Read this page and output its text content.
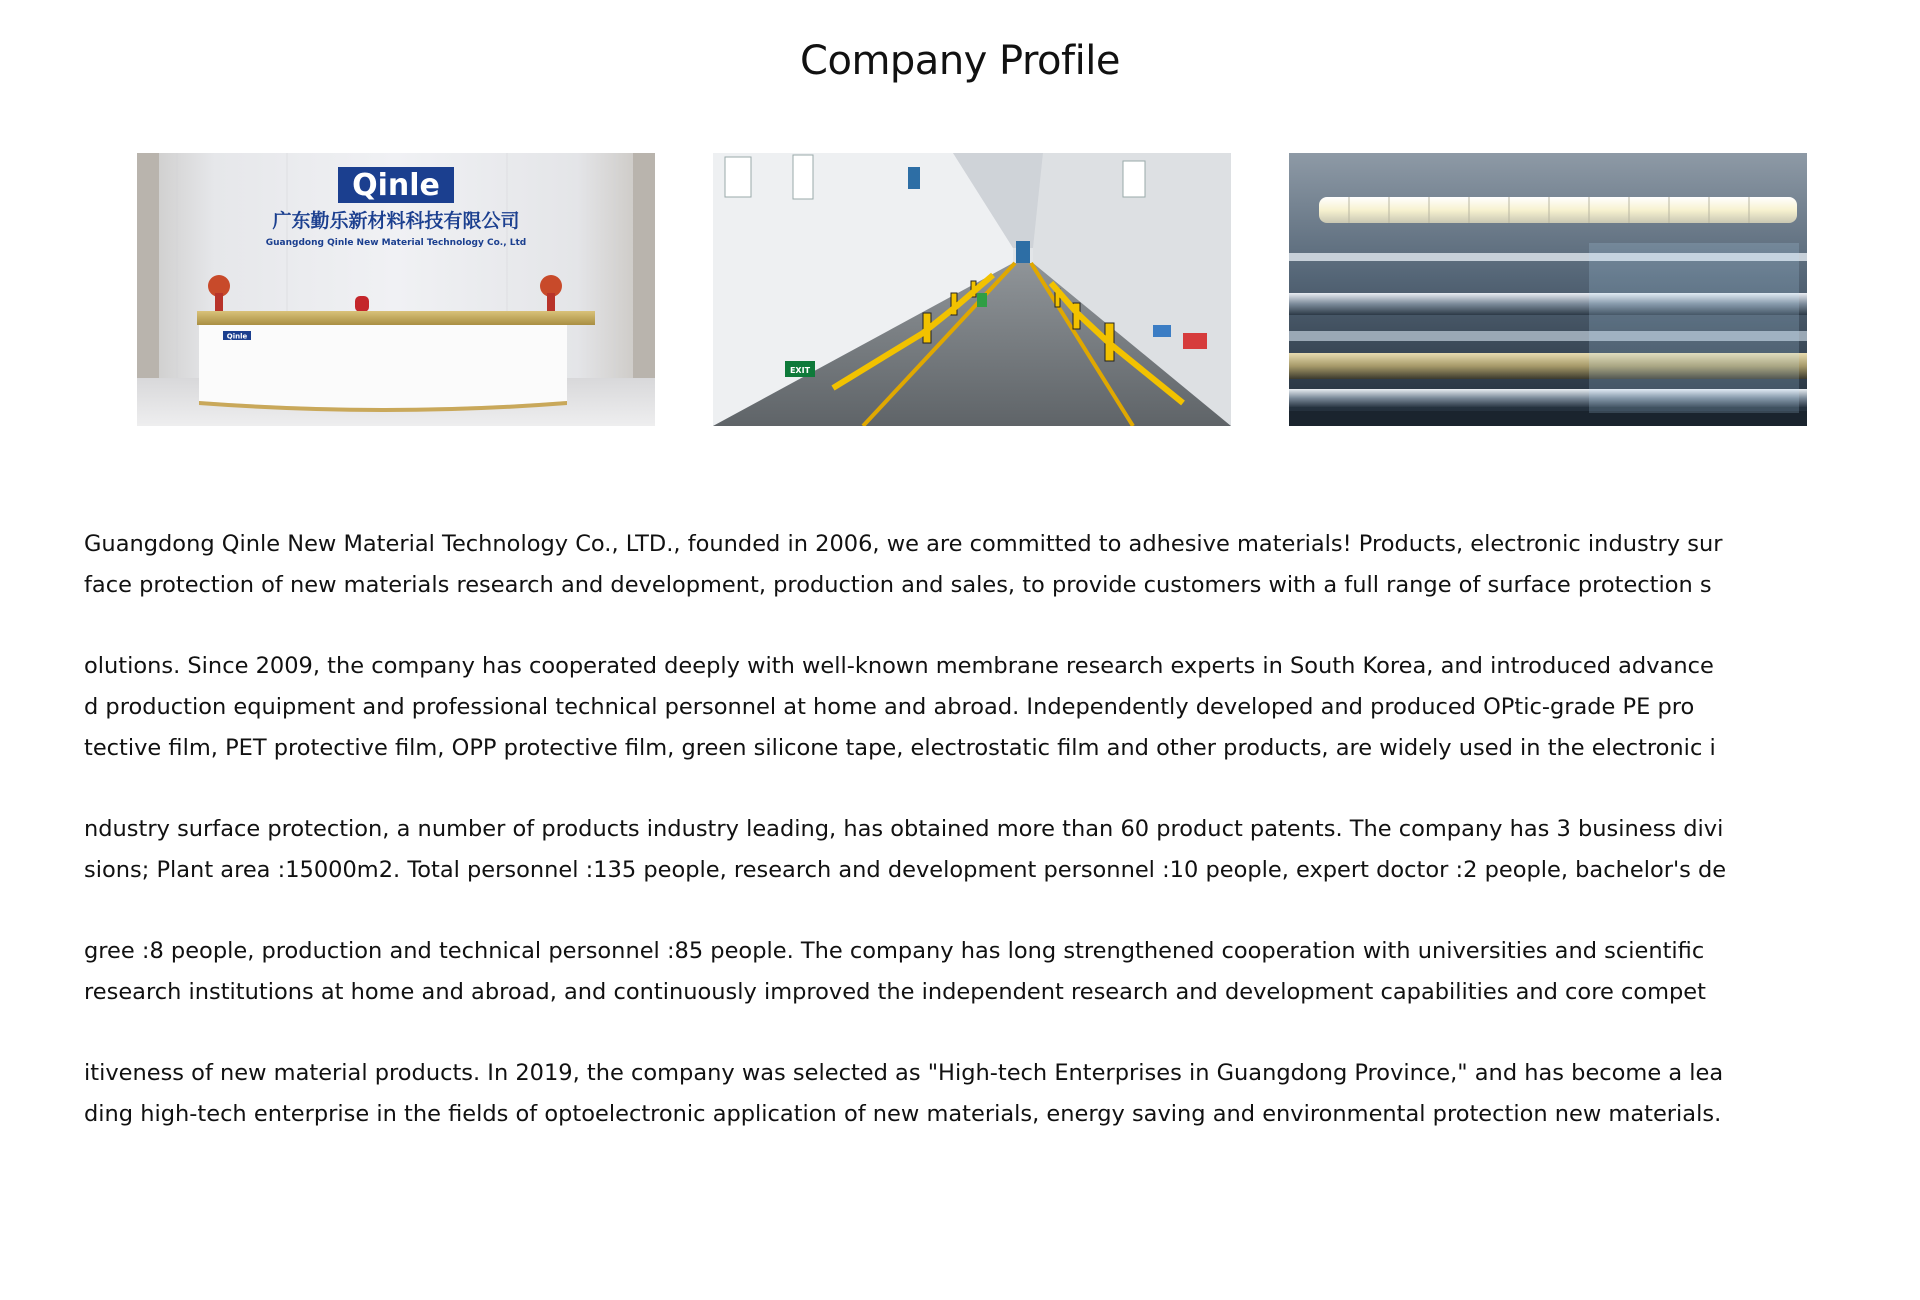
Company Profile
Qinle
广东勤乐新材料科技有限公司
Guangdong Qinle New Material Technology Co., Ltd
Qinle
EXIT
Guangdong Qinle New Material Technology Co., LTD., founded in 2006, we are committed to adhesive materials! Products, electronic industry sur
face protection of new materials research and development, production and sales, to provide customers with a full range of surface protection s
olutions. Since 2009, the company has cooperated deeply with well-known membrane research experts in South Korea, and introduced advance
d production equipment and professional technical personnel at home and abroad. Independently developed and produced OPtic-grade PE pro
tective film, PET protective film, OPP protective film, green silicone tape, electrostatic film and other products, are widely used in the electronic i
ndustry surface protection, a number of products industry leading, has obtained more than 60 product patents. The company has 3 business divi
sions; Plant area :15000m2. Total personnel :135 people, research and development personnel :10 people, expert doctor :2 people, bachelor's de
gree :8 people, production and technical personnel :85 people. The company has long strengthened cooperation with universities and scientific
research institutions at home and abroad, and continuously improved the independent research and development capabilities and core compet
itiveness of new material products. In 2019, the company was selected as "High-tech Enterprises in Guangdong Province," and has become a lea
ding high-tech enterprise in the fields of optoelectronic application of new materials, energy saving and environmental protection new materials.
